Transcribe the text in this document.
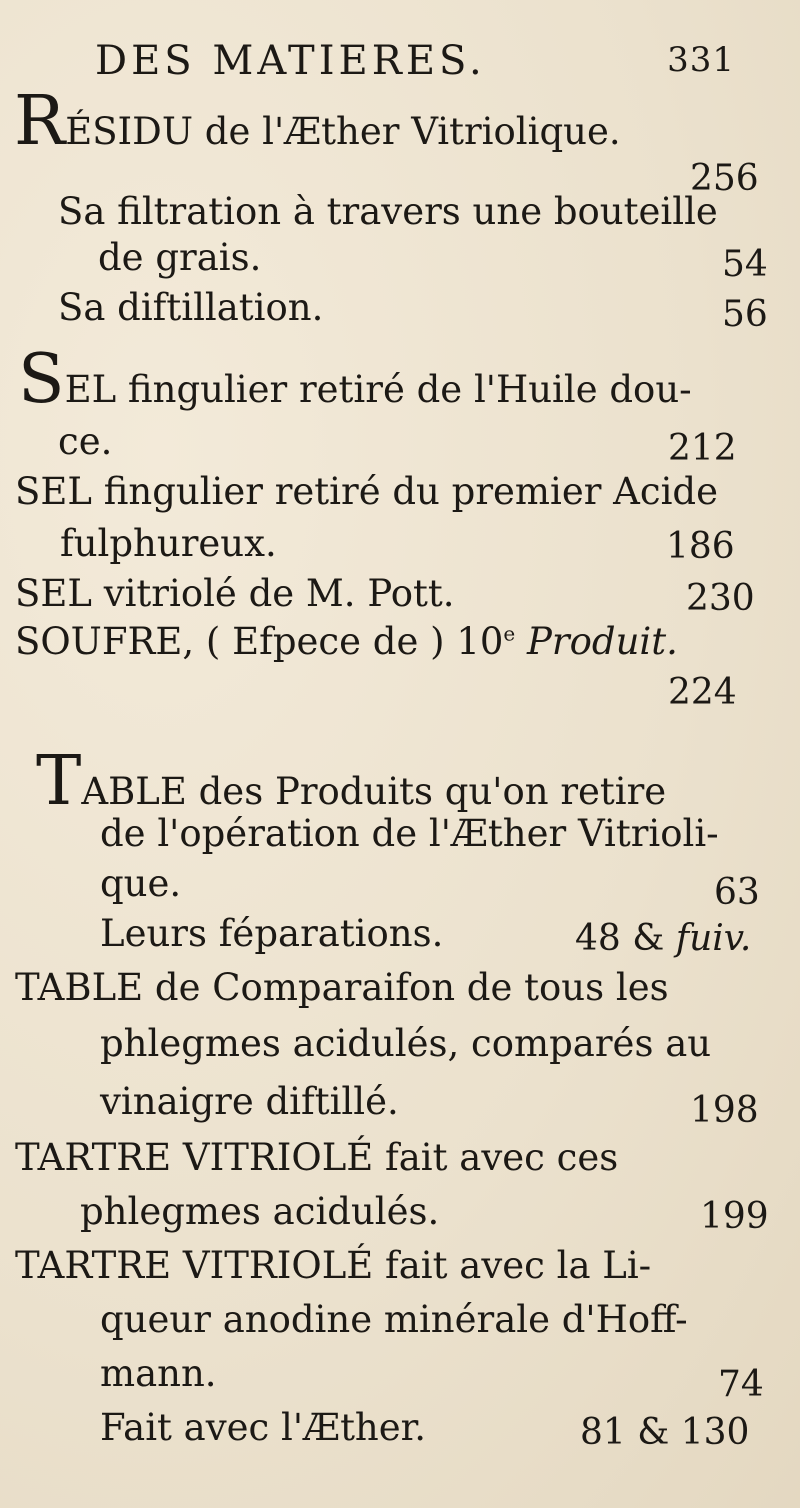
DES MATIERES.	331
RÉSIDU de l'Æther Vitriolique.
256
Sa filtration à travers une bouteille
de grais.	54
Sa diftillation.	56
SEL fingulier retiré de l'Huile dou-
ce.	212
SEL fingulier retiré du premier Acide
fulphureux.	186
SEL vitriolé de M. Pott.	230
SOUFRE, ( Efpece de ) 10e Produit.
224
TABLE des Produits qu'on retire
de l'opération de l'Æther Vitrioli-
que.	63
Leurs féparations.	48 & fuiv.
TABLE de Comparaifon de tous les
phlegmes acidulés, comparés au
vinaigre diftillé.	198
TARTRE VITRIOLÉ fait avec ces
phlegmes acidulés.	199
TARTRE VITRIOLÉ fait avec la Li-
queur anodine minérale d'Hoff-
mann.	74
Fait avec l'Æther.	81 & 130
